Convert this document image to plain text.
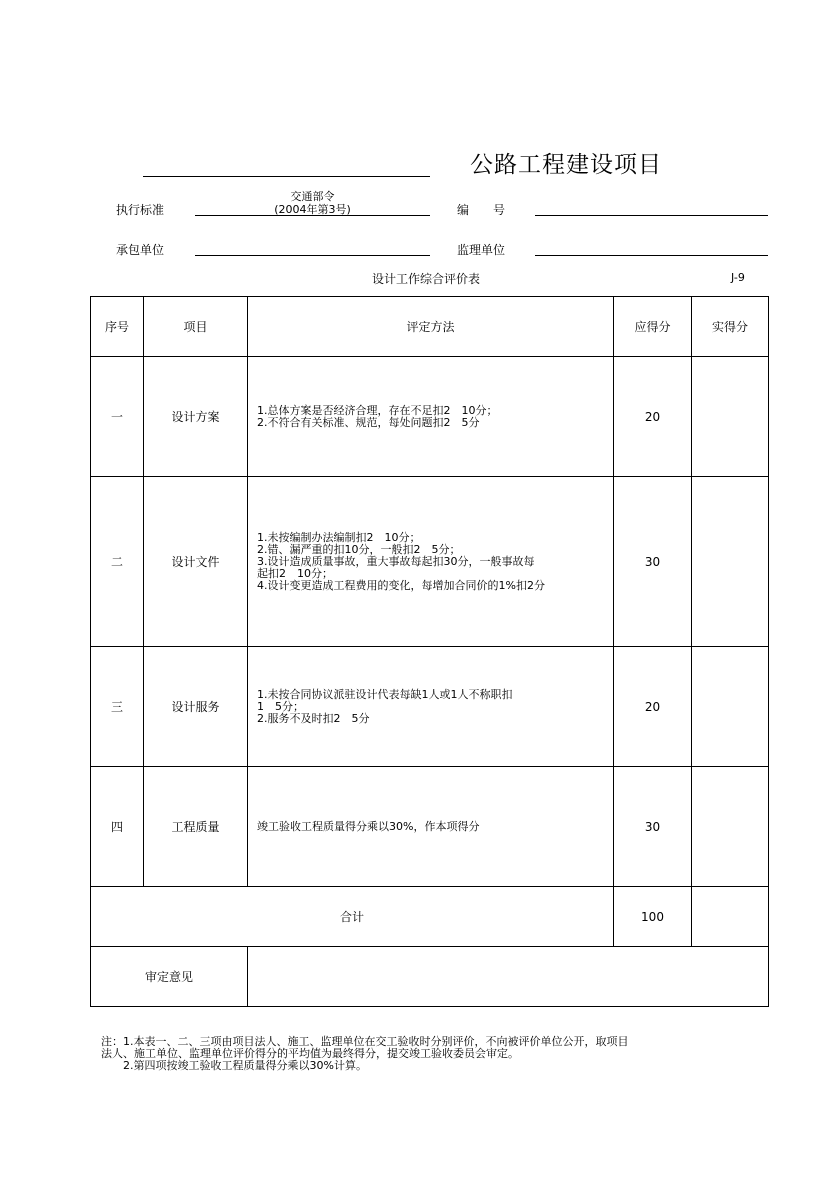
公路工程建设项目
执行标准
交通部令
(2004年第3号)	编　　号
承包单位	监理单位
设计工作综合评价表	J-9
序号	项目	评定方法	应得分	实得分
一	设计方案	1.总体方案是否经济合理，存在不足扣2　10分；
2.不符合有关标准、规范，每处问题扣2　5分	20	
二	设计文件	1.未按编制办法编制扣2　10分；
2.错、漏严重的扣10分，一般扣2　5分；
3.设计造成质量事故，重大事故每起扣30分，一般事故每
起扣2　10分；
4.设计变更造成工程费用的变化，每增加合同价的1%扣2分	30	
三	设计服务	1.未按合同协议派驻设计代表每缺1人或1人不称职扣
1　5分；
2.服务不及时扣2　5分	20	
四	工程质量	竣工验收工程质量得分乘以30%，作本项得分	30	
合计			100	
审定意见				
注：1.本表一、二、三项由项目法人、施工、监理单位在交工验收时分别评价，不向被评价单位公开，取项目
法人、施工单位、监理单位评价得分的平均值为最终得分，提交竣工验收委员会审定。
　　2.第四项按竣工验收工程质量得分乘以30%计算。
